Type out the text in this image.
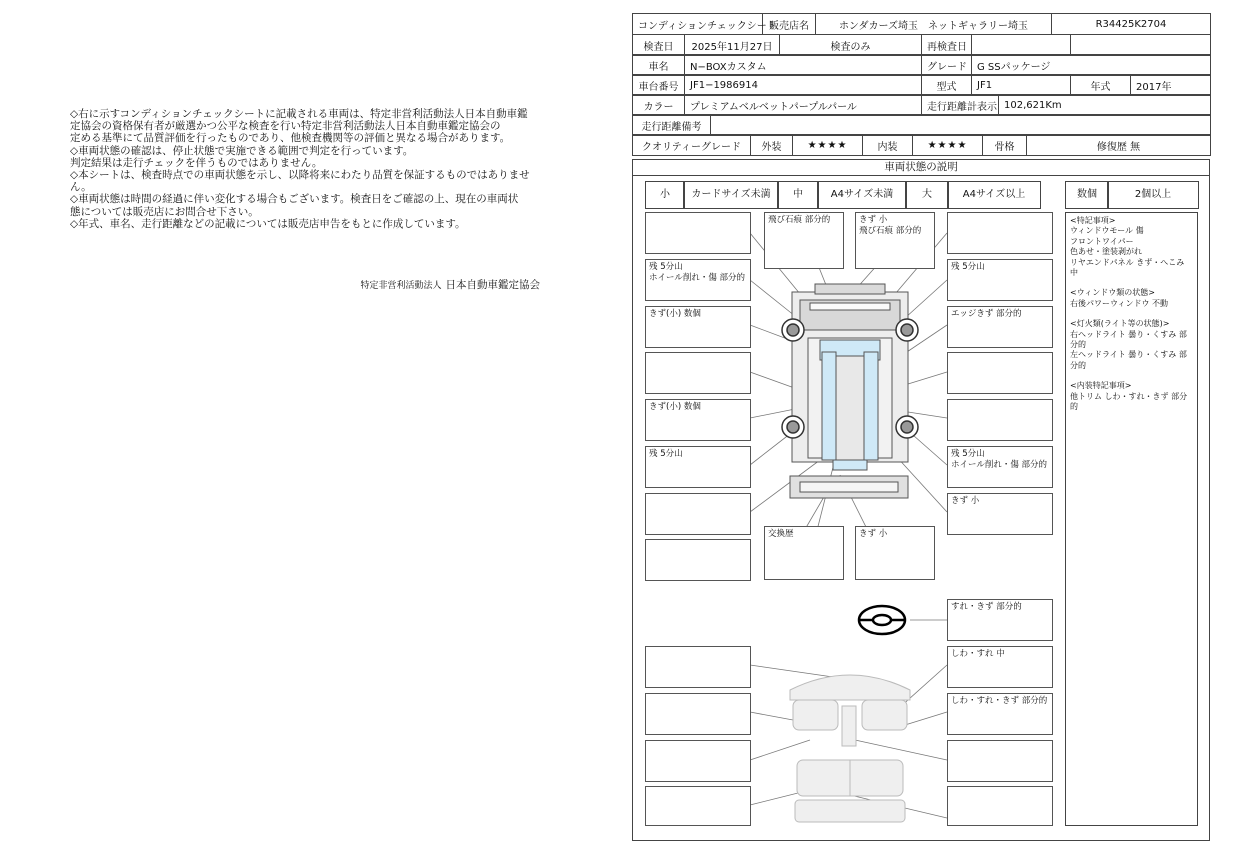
◇右に示すコンディションチェックシートに記載される車両は、特定非営利活動法人日本自動車鑑

定協会の資格保有者が厳選かつ公平な検査を行い特定非営利活動法人日本自動車鑑定協会の

定める基準にて品質評価を行ったものであり、他検査機関等の評価と異なる場合があります。

◇車両状態の確認は、停止状態で実施できる範囲で判定を行っています。

判定結果は走行チェックを伴うものではありません。

◇本シートは、検査時点での車両状態を示し、以降将来にわたり品質を保証するものではありませ

ん。

◇車両状態は時間の経過に伴い変化する場合もございます。検査日をご確認の上、現在の車両状

態については販売店にお問合せ下さい。

◇年式、車名、走行距離などの記載については販売店申告をもとに作成しています。

特定非営利活動法人 日本自動車鑑定協会
コンディションチェックシート	販売店名	ホンダカーズ埼玉　ネットギャラリー埼玉	R34425K2704
検査日	2025年11月27日	検査のみ	再検査日		
車名	N−BOXカスタム	グレード	G SSパッケージ
車台番号	JF1−1986914	型式	JF1	年式	2017年
カラー	プレミアムベルベットパープルパール	走行距離計表示	102,621Km
走行距離備考	
クオリティーグレード	外装	★★★★	内装	★★★★	骨格	修復歴 無
車両状態の説明
小	カードサイズ未満	中	A4サイズ未満	大	A4サイズ以上	数個	2個以上
残 5分山
ホイール削れ・傷 部分的
きず(小) 数個
きず(小) 数個
残 5分山
飛び石痕 部分的	きず 小
飛び石痕 部分的
交換歴	きず 小
残 5分山
エッジきず 部分的
残 5分山
ホイール削れ・傷 部分的
きず 小
すれ・きず 部分的
しわ・すれ 中
しわ・すれ・きず 部分的
<特記事項>
ウィンドウモール 傷
フロントワイパー
色あせ・塗装剥がれ
リヤエンドパネル きず・へこみ 中
<ウィンドウ類の状態>
右後パワーウィンドウ 不動
<灯火類(ライト等の状態)>
右ヘッドライト 曇り・くすみ 部分的
左ヘッドライト 曇り・くすみ 部分的
<内装特記事項>
他トリム しわ・すれ・きず 部分的
